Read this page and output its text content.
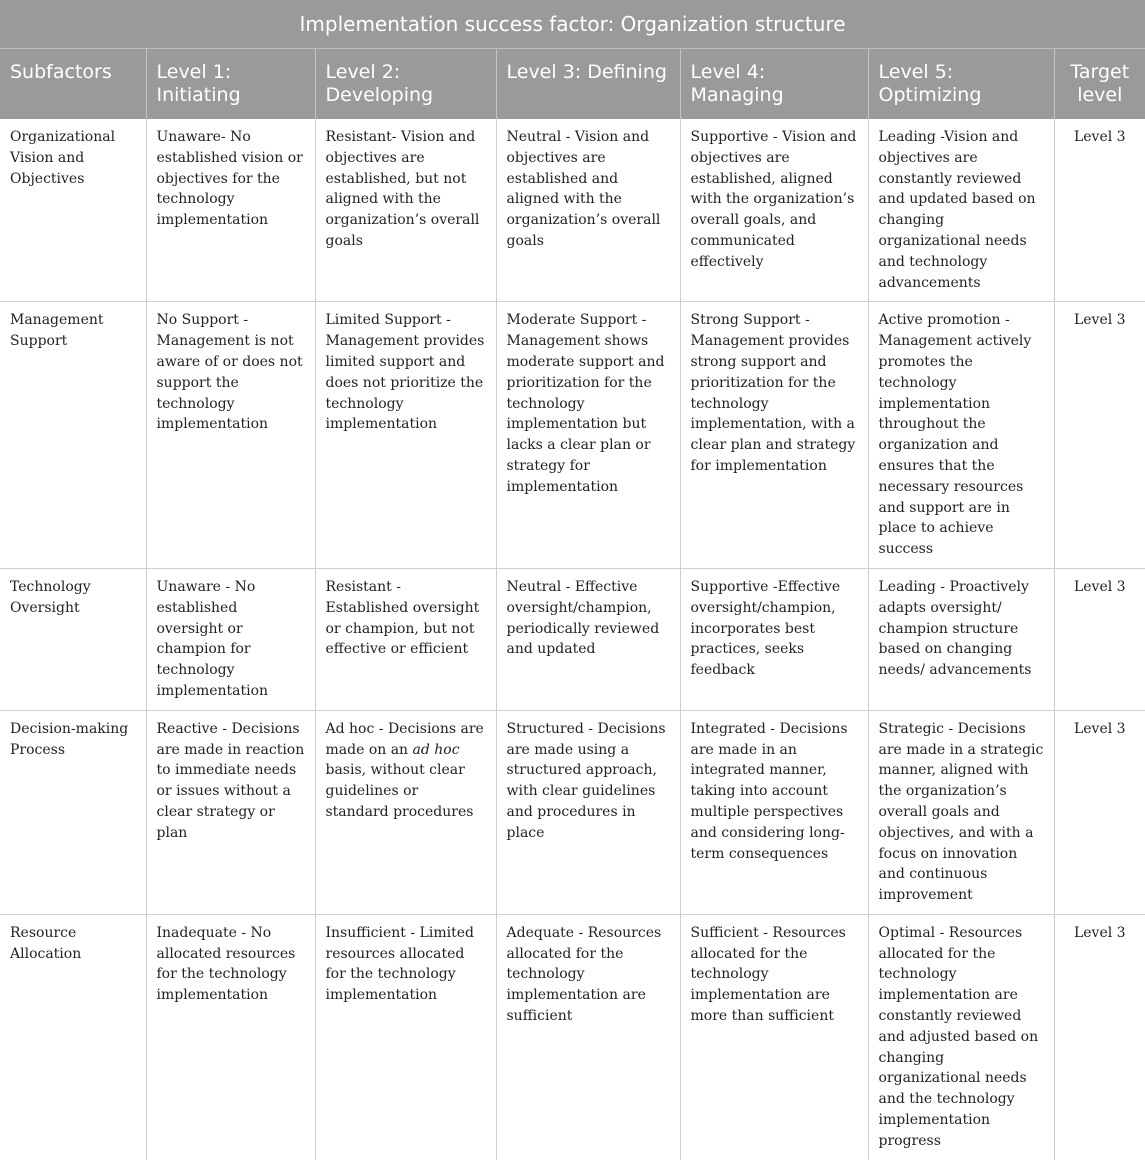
Implementation success factor: Organization structure						
Subfactors	Level 1: Initiating	Level 2: Developing	Level 3: Defining	Level 4: Managing	Level 5: Optimizing	Target level
Organizational Vision and Objectives	Unaware- No established vision or objectives for the technology implementation	Resistant- Vision and objectives are established, but not aligned with the organization’s overall goals	Neutral - Vision and objectives are established and aligned with the organization’s overall goals	Supportive - Vision and objectives are established, aligned with the organization’s overall goals, and communicated effectively	Leading -Vision and objectives are constantly reviewed and updated based on changing organizational needs and technology advancements	Level 3
Management Support	No Support - Management is not aware of or does not support the technology implementation	Limited Support - Management provides limited support and does not prioritize the technology implementation	Moderate Support - Management shows moderate support and prioritization for the technology implementation but lacks a clear plan or strategy for implementation	Strong Support - Management provides strong support and prioritization for the technology implementation, with a clear plan and strategy for implementation	Active promotion - Management actively promotes the technology implementation throughout the organization and ensures that the necessary resources and support are in place to achieve success	Level 3
Technology Oversight	Unaware - No established oversight or champion for technology implementation	Resistant - Established oversight or champion, but not effective or efficient	Neutral - Effective oversight/champion, periodically reviewed and updated	Supportive -Effective oversight/champion, incorporates best practices, seeks feedback	Leading - Proactively adapts oversight/ champion structure based on changing needs/ advancements	Level 3
Decision-making Process	Reactive - Decisions are made in reaction to immediate needs or issues without a clear strategy or plan	Ad hoc - Decisions are made on an ad hoc basis, without clear guidelines or standard procedures	Structured - Decisions are made using a structured approach, with clear guidelines and procedures in place	Integrated - Decisions are made in an integrated manner, taking into account multiple perspectives and considering long-term consequences	Strategic - Decisions are made in a strategic manner, aligned with the organization’s overall goals and objectives, and with a focus on innovation and continuous improvement	Level 3
Resource Allocation	Inadequate - No allocated resources for the technology implementation	Insufficient - Limited resources allocated for the technology implementation	Adequate - Resources allocated for the technology implementation are sufficient	Sufficient - Resources allocated for the technology implementation are more than sufficient	Optimal - Resources allocated for the technology implementation are constantly reviewed and adjusted based on changing organizational needs and the technology implementation progress	Level 3
